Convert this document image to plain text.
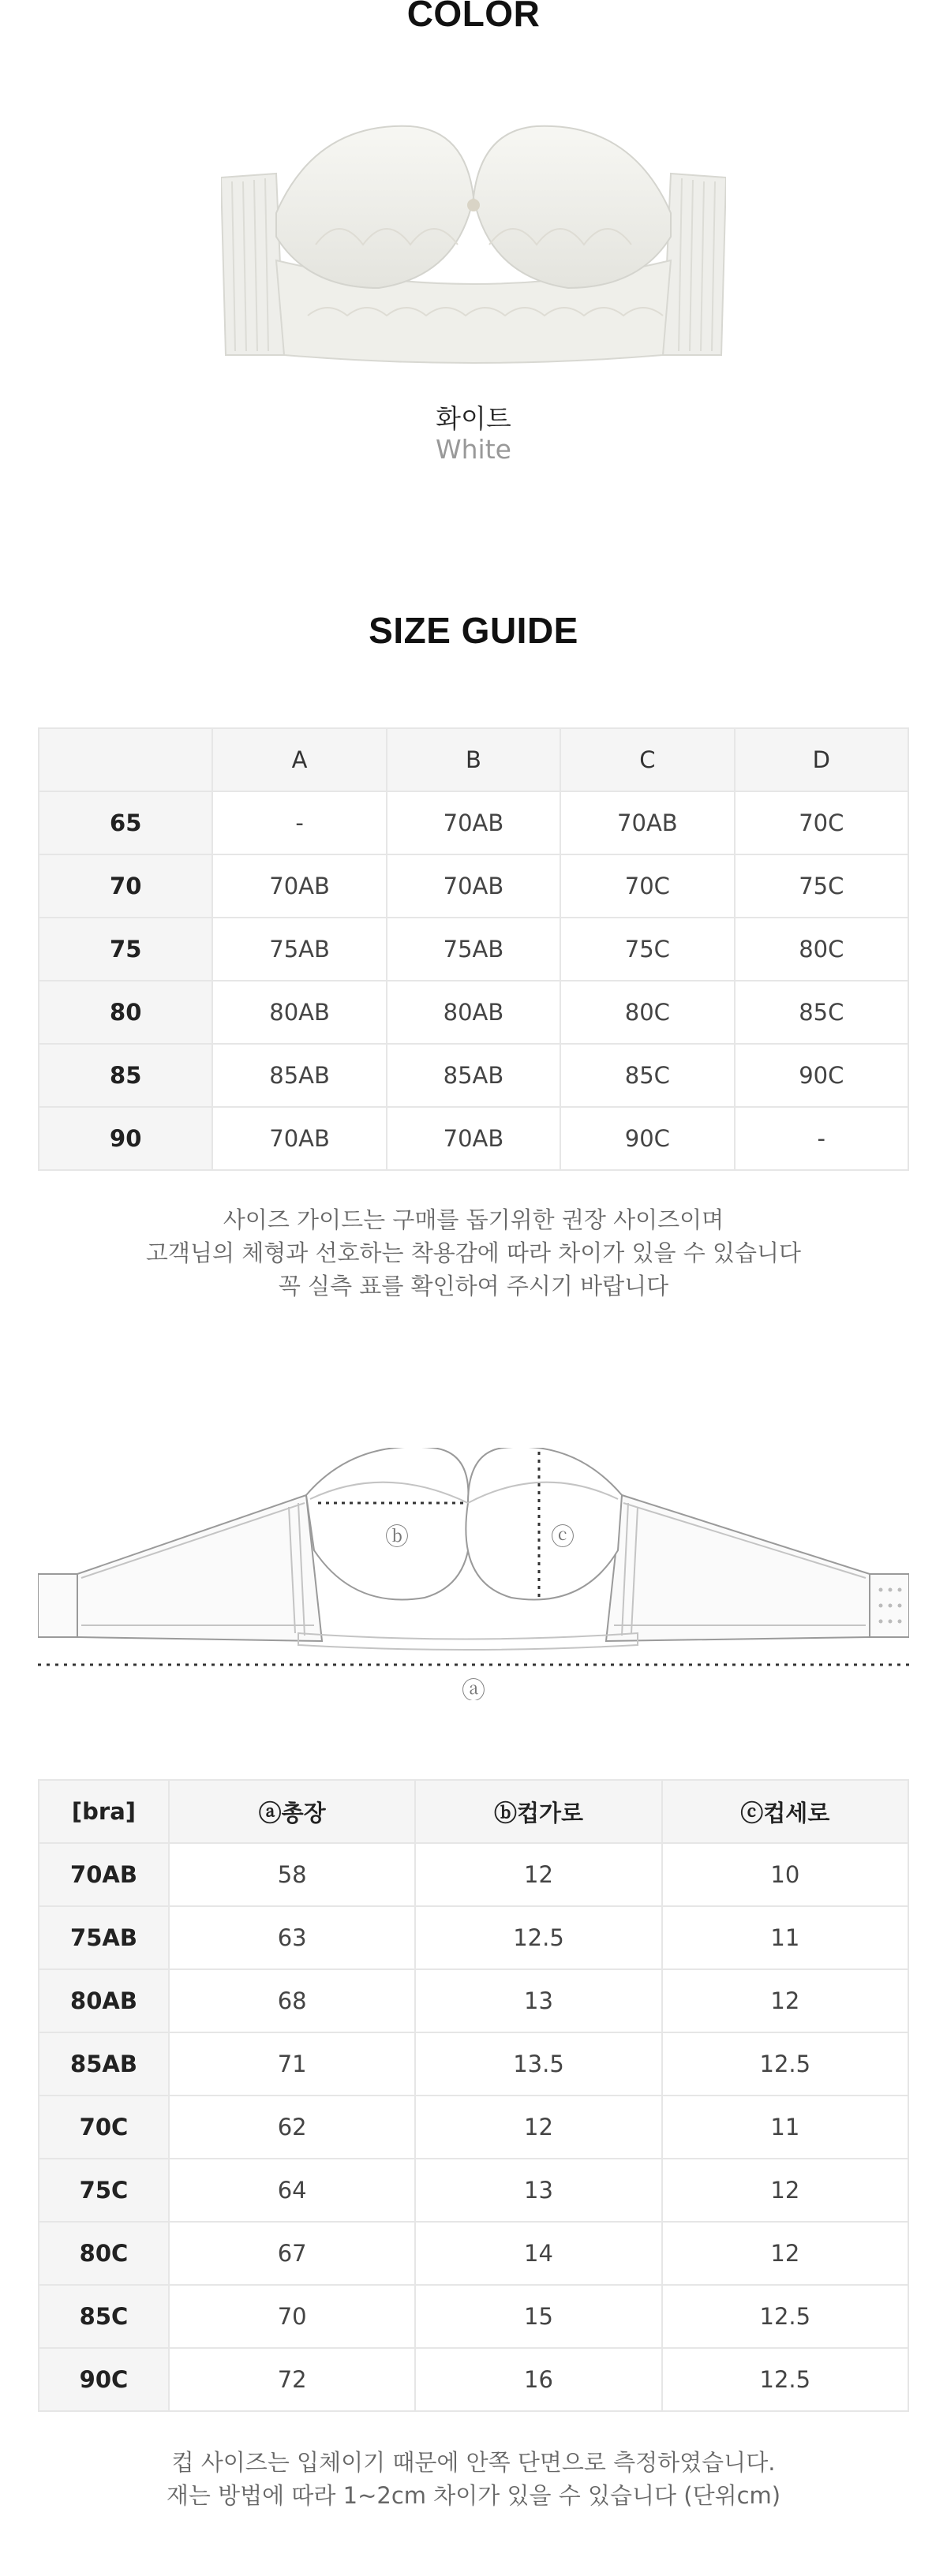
COLOR
화이트
White
SIZE GUIDE
	A	B	C	D
65	-	70AB	70AB	70C
70	70AB	70AB	70C	75C
75	75AB	75AB	75C	80C
80	80AB	80AB	80C	85C
85	85AB	85AB	85C	90C
90	70AB	70AB	90C	-
사이즈 가이드는 구매를 돕기위한 권장 사이즈이며
고객님의 체형과 선호하는 착용감에 따라 차이가 있을 수 있습니다
꼭 실측 표를 확인하여 주시기 바랍니다
ⓑ	ⓒ
ⓐ
[bra]	ⓐ총장	ⓑ컵가로	ⓒ컵세로
70AB	58	12	10
75AB	63	12.5	11
80AB	68	13	12
85AB	71	13.5	12.5
70C	62	12	11
75C	64	13	12
80C	67	14	12
85C	70	15	12.5
90C	72	16	12.5
컵 사이즈는 입체이기 때문에 안쪽 단면으로 측정하였습니다.
재는 방법에 따라 1~2cm 차이가 있을 수 있습니다 (단위cm)
